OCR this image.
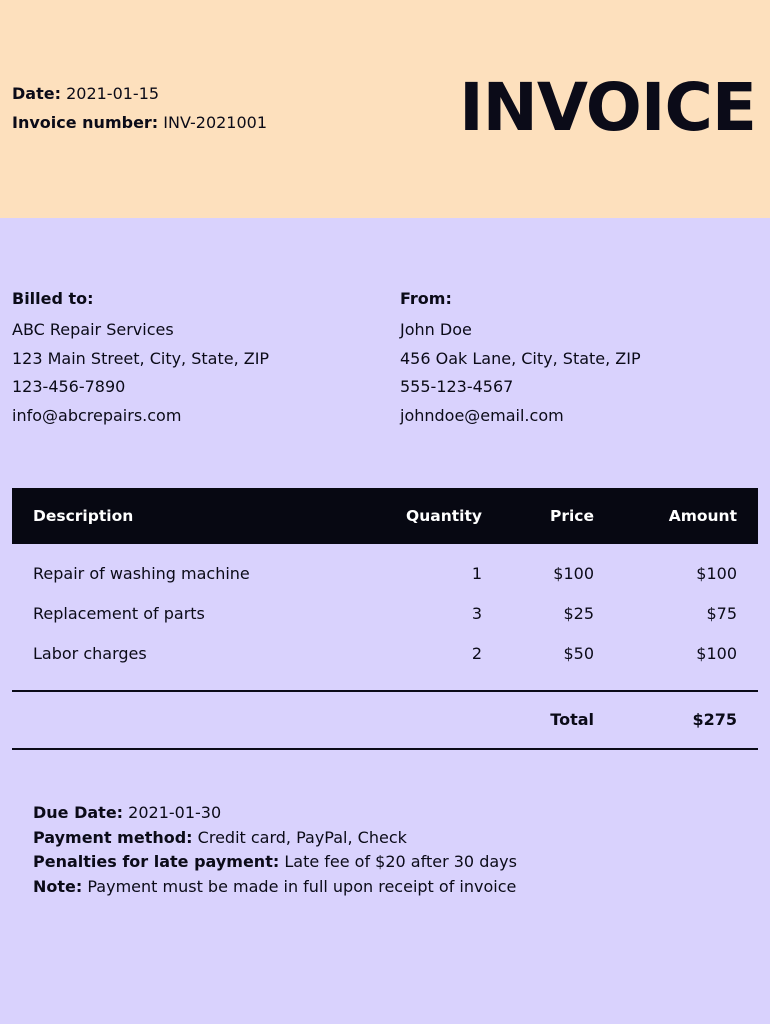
Date: 2021-01-15
Invoice number: INV-2021001	INVOICE
Billed to:
ABC Repair Services
123 Main Street, City, State, ZIP
123-456-7890
info@abcrepairs.com
From:
John Doe
456 Oak Lane, City, State, ZIP
555-123-4567
johndoe@email.com
Description	Quantity	Price	Amount
Repair of washing machine	1	$100	$100
Replacement of parts	3	$25	$75
Labor charges	2	$50	$100
Total	$275
Due Date: 2021-01-30
Payment method: Credit card, PayPal, Check
Penalties for late payment: Late fee of $20 after 30 days
Note: Payment must be made in full upon receipt of invoice
